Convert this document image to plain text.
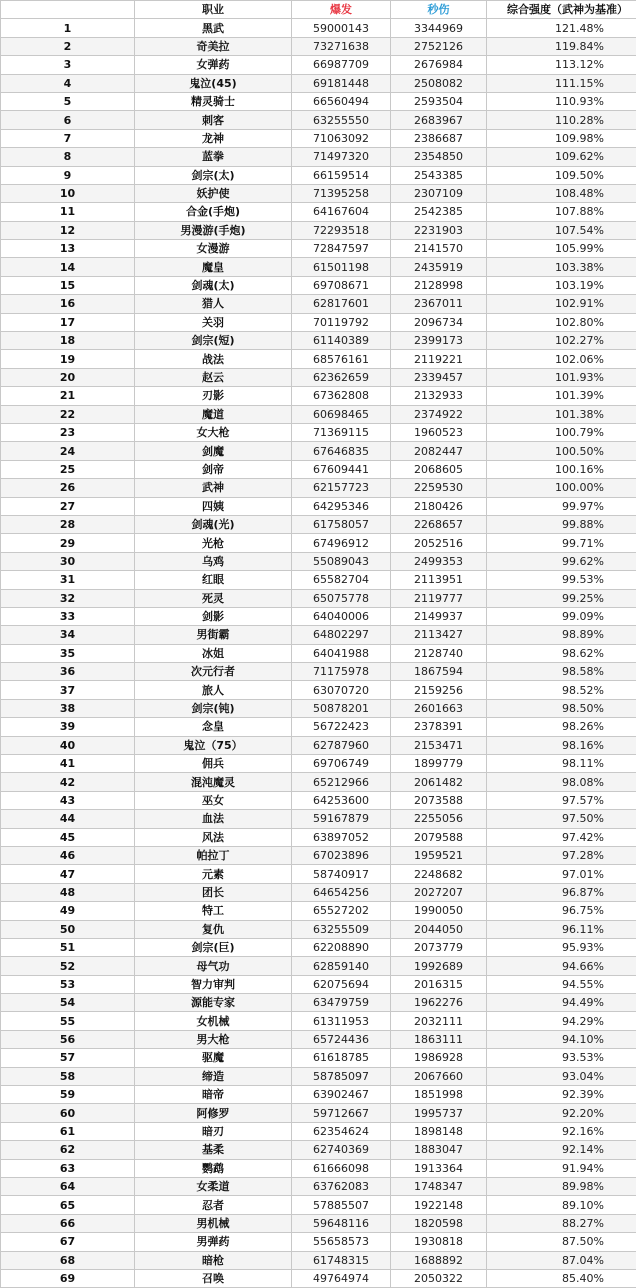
	职业	爆发	秒伤	综合强度（武神为基准）
1	黑武	59000143	3344969	121.48%
2	奇美拉	73271638	2752126	119.84%
3	女弹药	66987709	2676984	113.12%
4	鬼泣(45)	69181448	2508082	111.15%
5	精灵骑士	66560494	2593504	110.93%
6	刺客	63255550	2683967	110.28%
7	龙神	71063092	2386687	109.98%
8	蓝拳	71497320	2354850	109.62%
9	剑宗(太)	66159514	2543385	109.50%
10	妖护使	71395258	2307109	108.48%
11	合金(手炮)	64167604	2542385	107.88%
12	男漫游(手炮)	72293518	2231903	107.54%
13	女漫游	72847597	2141570	105.99%
14	魔皇	61501198	2435919	103.38%
15	剑魂(太)	69708671	2128998	103.19%
16	猎人	62817601	2367011	102.91%
17	关羽	70119792	2096734	102.80%
18	剑宗(短)	61140389	2399173	102.27%
19	战法	68576161	2119221	102.06%
20	赵云	62362659	2339457	101.93%
21	刃影	67362808	2132933	101.39%
22	魔道	60698465	2374922	101.38%
23	女大枪	71369115	1960523	100.79%
24	剑魔	67646835	2082447	100.50%
25	剑帝	67609441	2068605	100.16%
26	武神	62157723	2259530	100.00%
27	四姨	64295346	2180426	99.97%
28	剑魂(光)	61758057	2268657	99.88%
29	光枪	67496912	2052516	99.71%
30	乌鸡	55089043	2499353	99.62%
31	红眼	65582704	2113951	99.53%
32	死灵	65075778	2119777	99.25%
33	剑影	64040006	2149937	99.09%
34	男街霸	64802297	2113427	98.89%
35	冰姐	64041988	2128740	98.62%
36	次元行者	71175978	1867594	98.58%
37	旅人	63070720	2159256	98.52%
38	剑宗(钝)	50878201	2601663	98.50%
39	念皇	56722423	2378391	98.26%
40	鬼泣（75）	62787960	2153471	98.16%
41	佣兵	69706749	1899779	98.11%
42	混沌魔灵	65212966	2061482	98.08%
43	巫女	64253600	2073588	97.57%
44	血法	59167879	2255056	97.50%
45	风法	63897052	2079588	97.42%
46	帕拉丁	67023896	1959521	97.28%
47	元素	58740917	2248682	97.01%
48	团长	64654256	2027207	96.87%
49	特工	65527202	1990050	96.75%
50	复仇	63255509	2044050	96.11%
51	剑宗(巨)	62208890	2073779	95.93%
52	母气功	62859140	1992689	94.66%
53	智力审判	62075694	2016315	94.55%
54	源能专家	63479759	1962276	94.49%
55	女机械	61311953	2032111	94.29%
56	男大枪	65724436	1863111	94.10%
57	驱魔	61618785	1986928	93.53%
58	缔造	58785097	2067660	93.04%
59	暗帝	63902467	1851998	92.39%
60	阿修罗	59712667	1995737	92.20%
61	暗刃	62354624	1898148	92.16%
62	基柔	62740369	1883047	92.14%
63	鹦鹉	61666098	1913364	91.94%
64	女柔道	63762083	1748347	89.98%
65	忍者	57885507	1922148	89.10%
66	男机械	59648116	1820598	88.27%
67	男弹药	55658573	1930818	87.50%
68	暗枪	61748315	1688892	87.04%
69	召唤	49764974	2050322	85.40%
